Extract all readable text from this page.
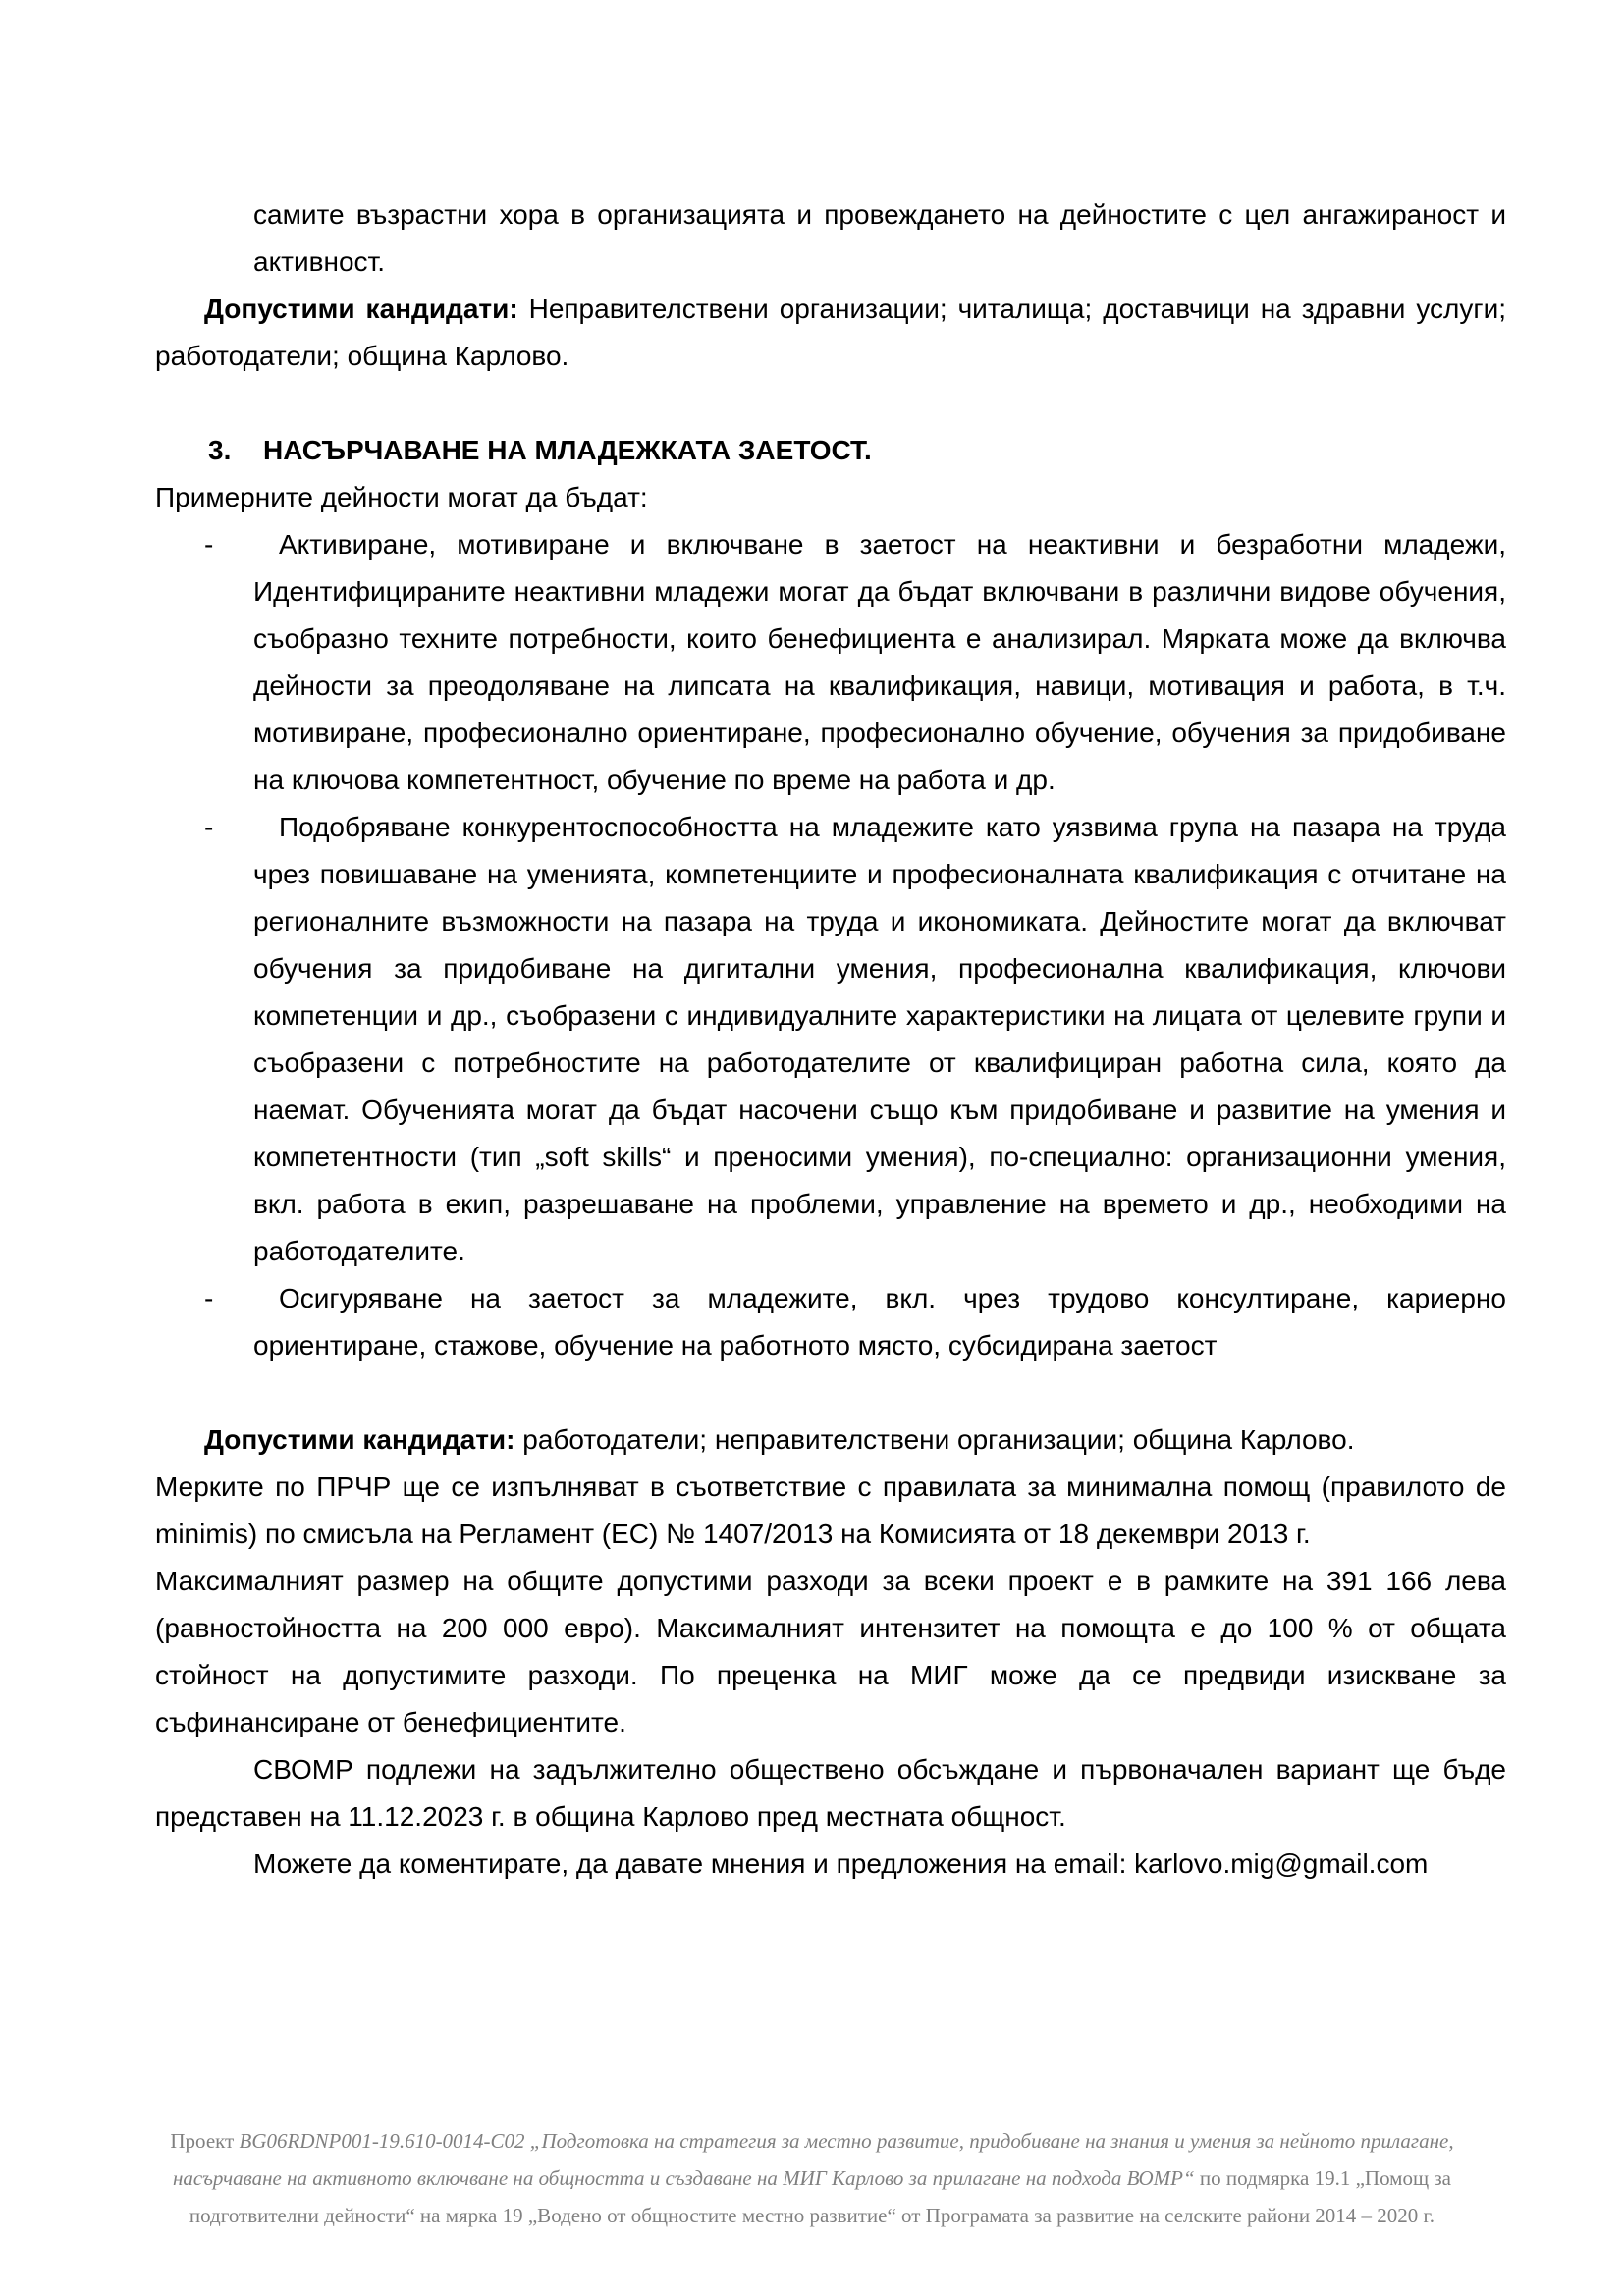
самите възрастни хора в организацията и провеждането на дейностите с цел ангажираност и активност.

Допустими кандидати: Неправителствени организации; читалища; доставчици на здравни услуги; работодатели; община Карлово.

3. НАСЪРЧАВАНЕ НА МЛАДЕЖКАТА ЗАЕТОСТ.

Примерните дейности могат да бъдат:

- Активиране, мотивиране и включване в заетост на неактивни и безработни младежи, Идентифицираните неактивни младежи могат да бъдат включвани в различни видове обучения, съобразно техните потребности, които бенефициента е анализирал. Мярката може да включва дейности за преодоляване на липсата на квалификация, навици, мотивация и работа, в т.ч. мотивиране, професионално ориентиране, професионално обучение, обучения за придобиване на ключова компетентност, обучение по време на работа и др.
- Подобряване конкурентоспособността на младежите като уязвима група на пазара на труда чрез повишаване на уменията, компетенциите и професионалната квалификация с отчитане на регионалните възможности на пазара на труда и икономиката. Дейностите могат да включват обучения за придобиване на дигитални умения, професионална квалификация, ключови компетенции и др., съобразени с индивидуалните характеристики на лицата от целевите групи и съобразени с потребностите на работодателите от квалифициран работна сила, която да наемат. Обученията могат да бъдат насочени също към придобиване и развитие на умения и компетентности (тип „soft skills“ и преносими умения), по-специално: организационни умения, вкл. работа в екип, разрешаване на проблеми, управление на времето и др., необходими на работодателите.
- Осигуряване на заетост за младежите, вкл. чрез трудово консултиране, кариерно ориентиране, стажове, обучение на работното място, субсидирана заетост

Допустими кандидати: работодатели; неправителствени организации; община Карлово.

Мерките по ПРЧР ще се изпълняват в съответствие с правилата за минимална помощ (правилото de minimis) по смисъла на Регламент (ЕС) № 1407/2013 на Комисията от 18 декември 2013 г.

Максималният размер на общите допустими разходи за всеки проект е в рамките на 391 166 лева (равностойността на 200 000 евро). Максималният интензитет на помощта е до 100 % от общата стойност на допустимите разходи. По преценка на МИГ може да се предвиди изискване за съфинансиране от бенефициентите.

СВОМР подлежи на задължително обществено обсъждане и първоначален вариант ще бъде представен на 11.12.2023 г. в община Карлово пред местната общност.

Можете да коментирате, да давате мнения и предложения на email: karlovo.mig@gmail.com

Проект BG06RDNP001-19.610-0014-C02 „Подготовка на стратегия за местно развитие, придобиване на знания и умения за нейното прилагане, насърчаване на активното включване на общността и създаване на МИГ Карлово за прилагане на подхода ВОМР“ по подмярка 19.1 „Помощ за подготвителни дейности“ на мярка 19 „Водено от общностите местно развитие“ от Програмата за развитие на селските райони 2014 – 2020 г.
